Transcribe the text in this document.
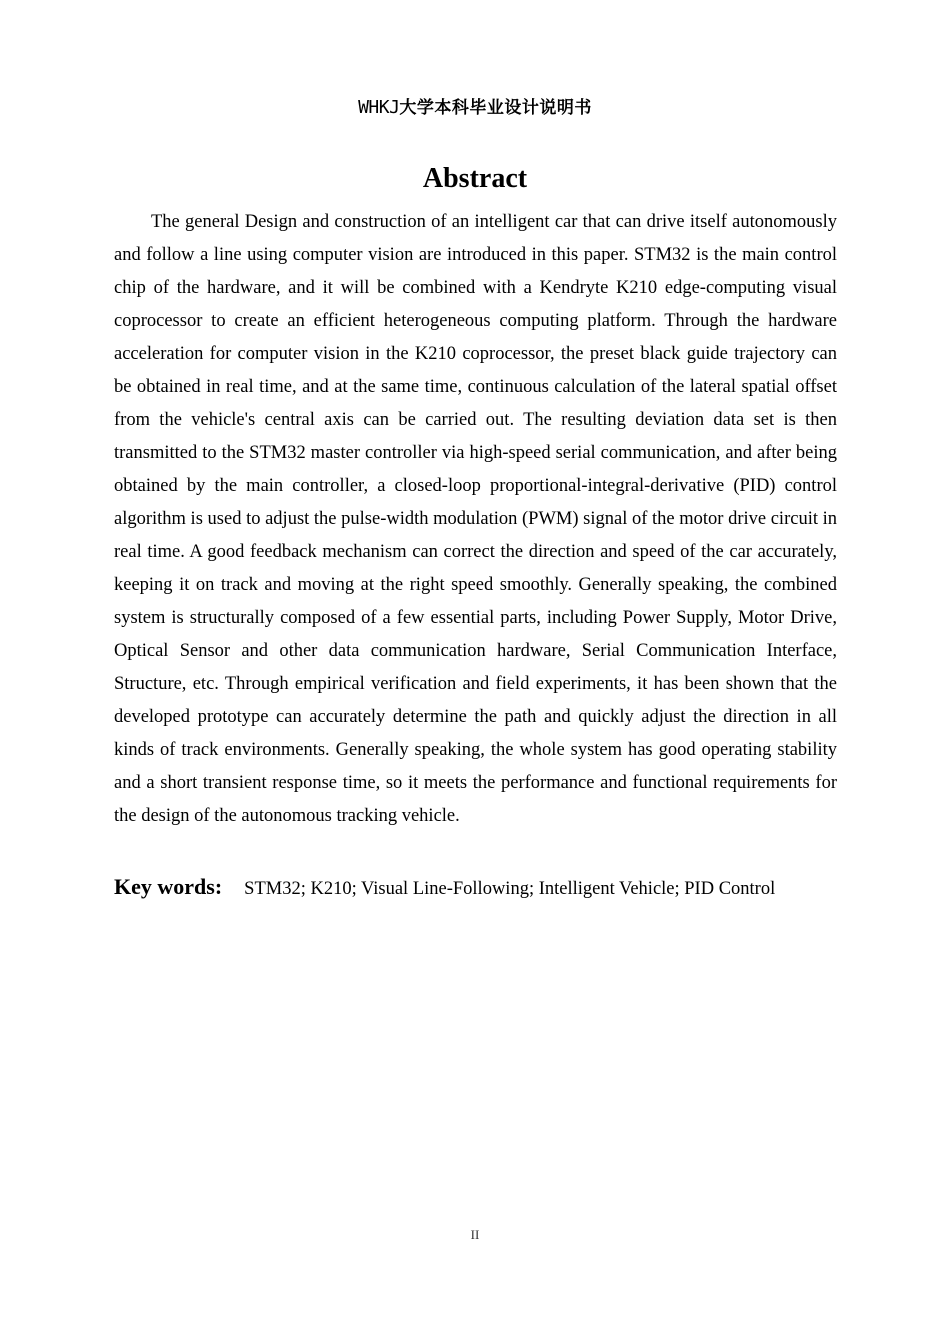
WHKJ大学本科毕业设计说明书
Abstract

The general Design and construction of an intelligent car that can drive itself autonomously and follow a line using computer vision are introduced in this paper. STM32 is the main control chip of the hardware, and it will be combined with a Kendryte K210 edge-computing visual coprocessor to create an efficient heterogeneous computing platform. Through the hardware acceleration for computer vision in the K210 coprocessor, the preset black guide trajectory can be obtained in real time, and at the same time, continuous calculation of the lateral spatial offset from the vehicle's central axis can be carried out. The resulting deviation data set is then transmitted to the STM32 master controller via high-speed serial communication, and after being obtained by the main controller, a closed-loop proportional-integral-derivative (PID) control algorithm is used to adjust the pulse-width modulation (PWM) signal of the motor drive circuit in real time. A good feedback mechanism can correct the direction and speed of the car accurately, keeping it on track and moving at the right speed smoothly. Generally speaking, the combined system is structurally composed of a few essential parts, including Power Supply, Motor Drive, Optical Sensor and other data communication hardware, Serial Communication Interface, Structure, etc. Through empirical verification and field experiments, it has been shown that the developed prototype can accurately determine the path and quickly adjust the direction in all kinds of track environments. Generally speaking, the whole system has good operating stability and a short transient response time, so it meets the performance and functional requirements for the design of the autonomous tracking vehicle.

Key words: STM32; K210; Visual Line-Following; Intelligent Vehicle; PID Control
II
